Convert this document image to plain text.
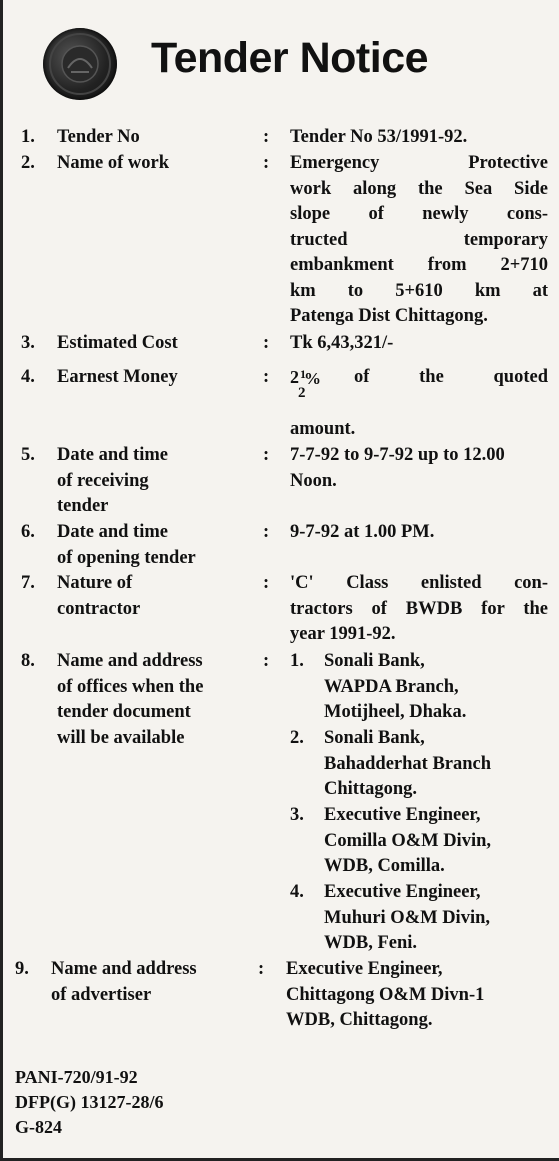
Tender Notice
1. Tender No	: Tender No 53/1991-92.
2. Name of work	: Emergency Protective
work along the Sea Side
slope of newly cons-
tructed temporary
embankment from 2+710
km to 5+610 km at
Patenga Dist Chittagong.
3. Estimated Cost	: Tk 6,43,321/-
4. Earnest Money	: 2 1
%
2
of the quoted
amount.
5. Date and time
of receiving
tender
: 7-7-92 to 9-7-92 up to 12.00
Noon.
6. Date and time
of opening tender
: 9-7-92 at 1.00 PM.
7. Nature of
contractor
: 'C' Class enlisted con-
tractors of BWDB for the
year 1991-92.
8. Name and address
of offices when the
tender document
will be available
: 1. Sonali Bank,
WAPDA Branch,
Motijheel, Dhaka.
2. Sonali Bank,
Bahadderhat Branch
Chittagong.
3. Executive Engineer,
Comilla O&M Divin,
WDB, Comilla.
4. Executive Engineer,
Muhuri O&M Divin,
WDB, Feni.
9. Name and address
of advertiser
: Executive Engineer,
Chittagong O&M Divn-1
WDB, Chittagong.
PANI-720/91-92
DFP(G) 13127-28/6
G-824
